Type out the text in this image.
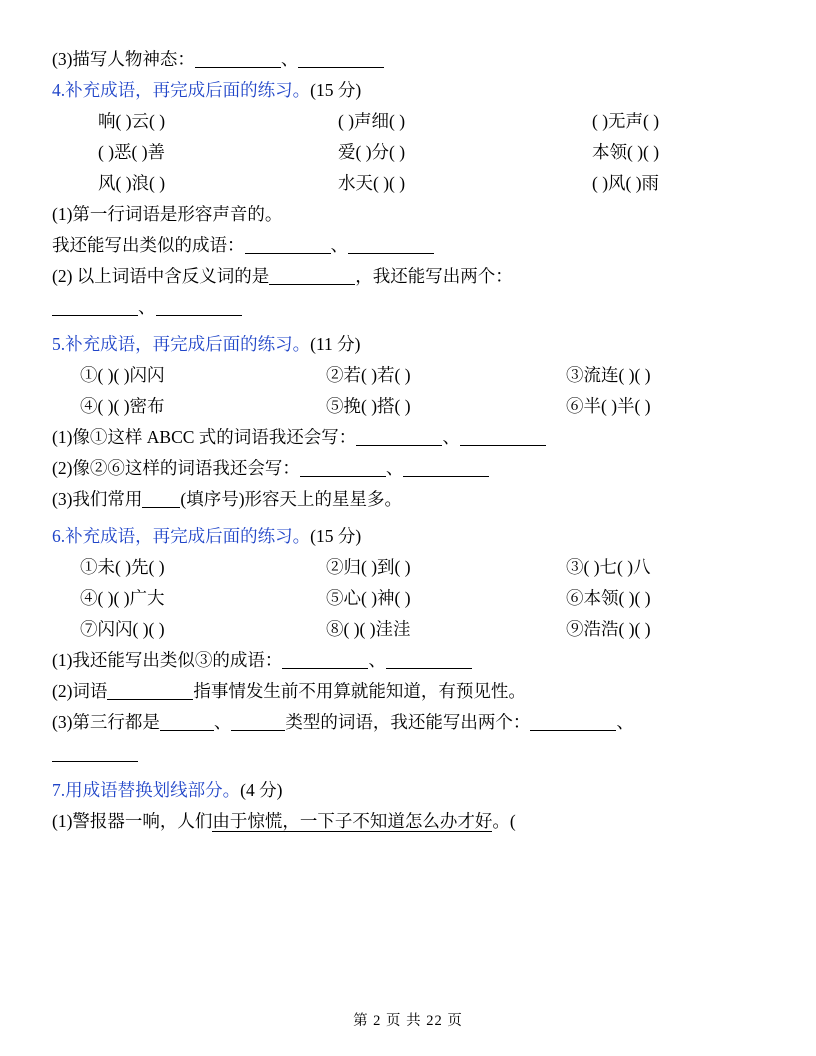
(3)描写人物神态：	、
4.补充成语，再完成后面的练习。(15 分)
响( )云( )	( )声细( )	( )无声( )
( )恶( )善	爱( )分( )	本领( )( )
风( )浪( )	水天( )( )	( )风( )雨
(1)第一行词语是形容声音的。
我还能写出类似的成语：	、
(2) 以上词语中含反义词的是	，我还能写出两个：
、
5.补充成语，再完成后面的练习。(11 分)
①( )( )闪闪	②若( )若( )	③流连( )( )
④( )( )密布	⑤挽( )搭( )	⑥半( )半( )
(1)像①这样 ABCC 式的词语我还会写：	、
(2)像②⑥这样的词语我还会写：	、
(3)我们常用 (填序号)形容天上的星星多。
6.补充成语，再完成后面的练习。(15 分)
①未( )先( )	②归( )到( )	③( )七( )八
④( )( )广大	⑤心( )神( )	⑥本领( )( )
⑦闪闪( )( )	⑧( )( )洼洼	⑨浩浩( )( )
(1)我还能写出类似③的成语：	、
(2)词语	指事情发生前不用算就能知道，有预见性。
(3)第三行都是	、	类型的词语，我还能写出两个：	、
7.用成语替换划线部分。(4 分)
(1)警报器一响，人们由于惊慌，一下子不知道怎么办才好。(
第 2 页 共 22 页
